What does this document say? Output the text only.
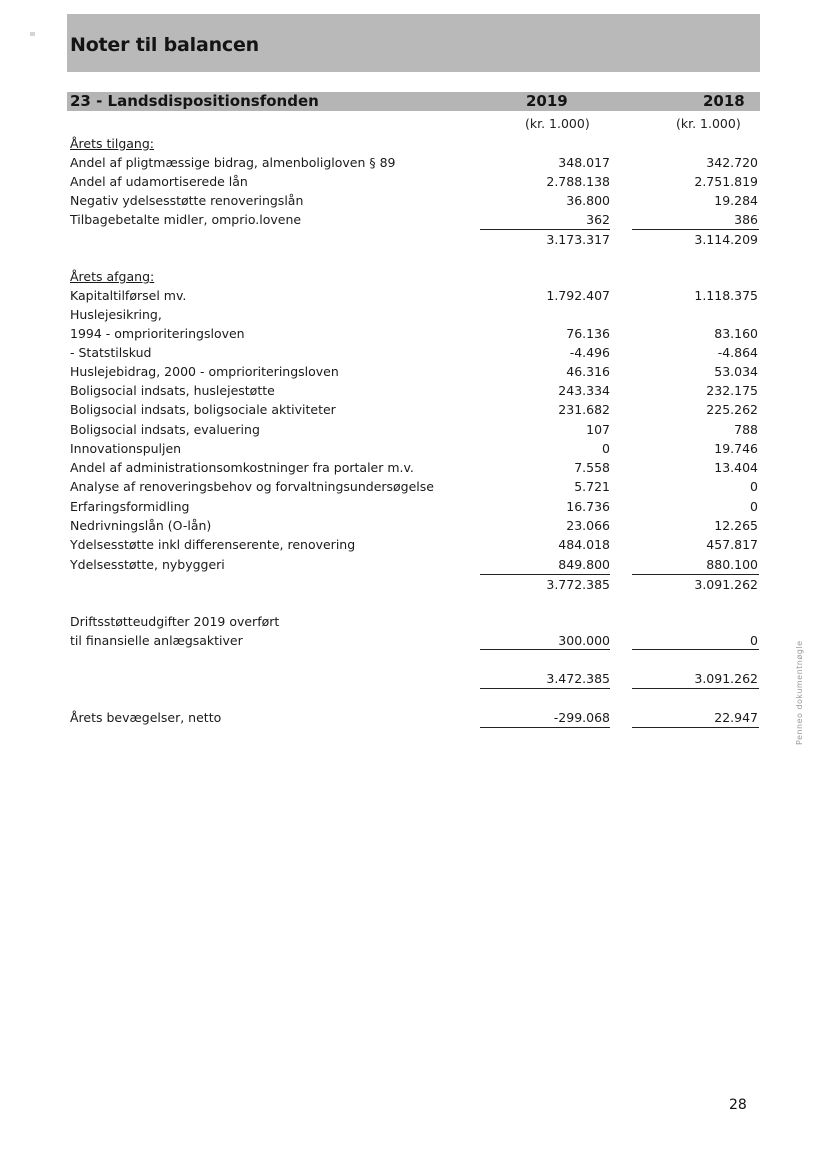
Noter til balancen
23 - Landsdispositionsfonden	2019	2018
(kr. 1.000)	(kr. 1.000)
Årets tilgang:
Andel af pligtmæssige bidrag, almenboligloven § 89	348.017	342.720
Andel af udamortiserede lån	2.788.138	2.751.819
Negativ ydelsesstøtte renoveringslån	36.800	19.284
Tilbagebetalte midler, omprio.lovene	362	386
3.173.317	3.114.209
Årets afgang:
Kapitaltilførsel mv.	1.792.407	1.118.375
Huslejesikring,
1994 - omprioriteringsloven	76.136	83.160
- Statstilskud	-4.496	-4.864
Huslejebidrag, 2000 - omprioriteringsloven	46.316	53.034
Boligsocial indsats, huslejestøtte	243.334	232.175
Boligsocial indsats, boligsociale aktiviteter	231.682	225.262
Boligsocial indsats, evaluering	107	788
Innovationspuljen	0	19.746
Andel af administrationsomkostninger fra portaler m.v.	7.558	13.404
Analyse af renoveringsbehov og forvaltningsundersøgelse	5.721	0
Erfaringsformidling	16.736	0
Nedrivningslån (O-lån)	23.066	12.265
Ydelsesstøtte inkl differenserente, renovering	484.018	457.817
Ydelsesstøtte, nybyggeri	849.800	880.100
3.772.385	3.091.262
Driftsstøtteudgifter 2019 overført
til finansielle anlægsaktiver	300.000	0
3.472.385	3.091.262
Årets bevægelser, netto	-299.068	22.947	Penneo dokumentnøgle
28
